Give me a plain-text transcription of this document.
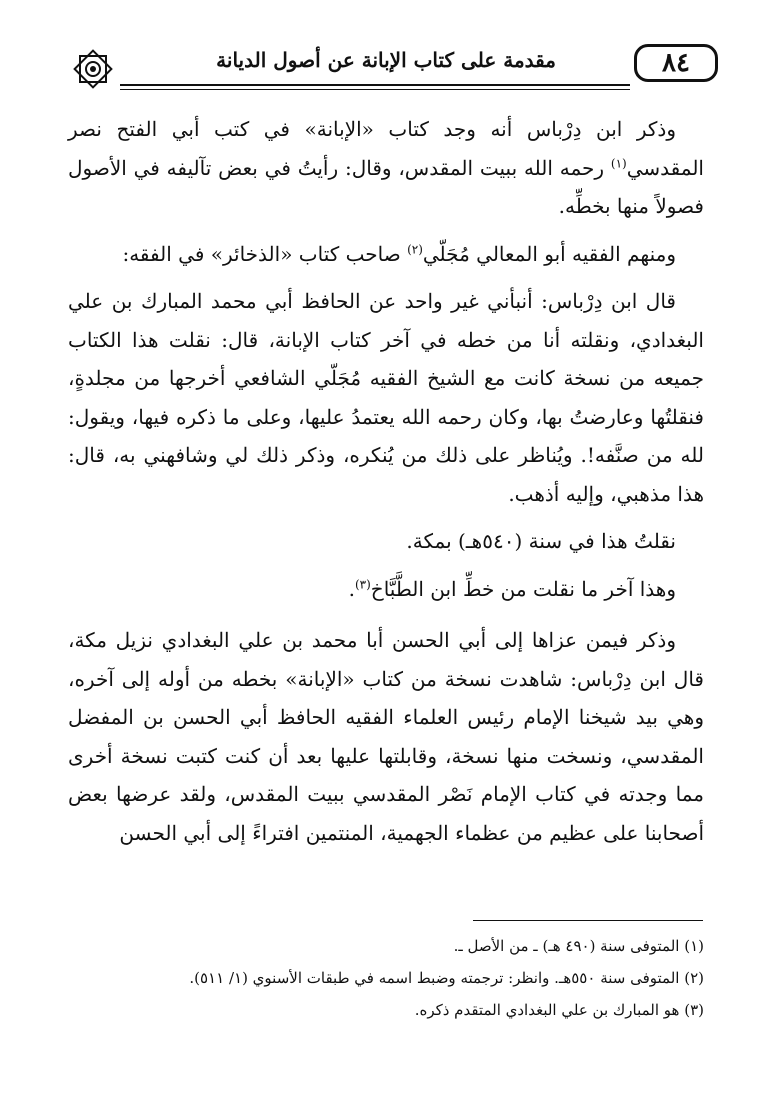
مقدمة على كتاب الإبانة عن أصول الديانة	٨٤

وذكر ابن دِرْباس أنه وجد كتاب «الإبانة» في كتب أبي الفتح نصر المقدسي$^{(١)}$ رحمه الله ببيت المقدس، وقال: رأيتُ في بعض تآليفه في الأصول فصولاً منها بخطِّه.

ومنهم الفقيه أبو المعالي مُجَلّي$^{(٢)}$ صاحب كتاب «الذخائر» في الفقه:

قال ابن دِرْباس: أنبأني غير واحد عن الحافظ أبي محمد المبارك بن علي البغدادي، ونقلته أنا من خطه في آخر كتاب الإبانة، قال: نقلت هذا الكتاب جميعه من نسخة كانت مع الشيخ الفقيه مُجَلّي الشافعي أخرجها من مجلدةٍ، فنقلتُها وعارضتُ بها، وكان رحمه الله يعتمدُ عليها، وعلى ما ذكره فيها، ويقول: لله من صنَّفه!. ويُناظر على ذلك من يُنكره، وذكر ذلك لي وشافهني به، قال: هذا مذهبي، وإليه أذهب.

نقلتُ هذا في سنة (٥٤٠هـ) بمكة.

وهذا آخر ما نقلت من خطِّ ابن الطَّبَّاخ$^{(٣)}$.

وذكر فيمن عزاها إلى أبي الحسن أبا محمد بن علي البغدادي نزيل مكة، قال ابن دِرْباس: شاهدت نسخة من كتاب «الإبانة» بخطه من أوله إلى آخره، وهي بيد شيخنا الإمام رئيس العلماء الفقيه الحافظ أبي الحسن بن المفضل المقدسي، ونسخت منها نسخة، وقابلتها عليها بعد أن كنت كتبت نسخة أخرى مما وجدته في كتاب الإمام نَصْر المقدسي ببيت المقدس، ولقد عرضها بعض أصحابنا على عظيم من عظماء الجهمية، المنتمين افتراءً إلى أبي الحسن

(١) المتوفى سنة (٤٩٠ هـ) ـ من الأصل ـ.

(٢) المتوفى سنة ٥٥٠هـ. وانظر: ترجمته وضبط اسمه في طبقات الأسنوي (١/ ٥١١).

(٣) هو المبارك بن علي البغدادي المتقدم ذكره.
